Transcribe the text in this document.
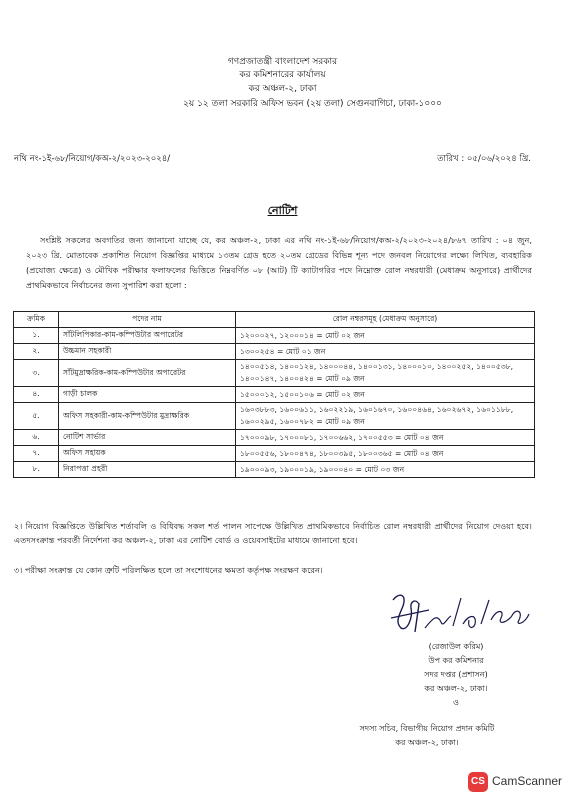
গণপ্রজাতন্ত্রী বাংলাদেশ সরকার
কর কমিশনারের কার্যালয়
কর অঞ্চল-২, ঢাকা
২য় ১২ তলা সরকারি অফিস ভবন (২য় তলা) সেগুনবাগিচা, ঢাকা-১০০০
নথি নং-১ই-৬৮/নিয়োগ/কঅ-২/২০২৩-২০২৪/	তারিখ : ০৫/০৬/২০২৪ খ্রি.
নোটিশ
সংশ্লিষ্ট সকলের অবগতির জন্য জানানো যাচ্ছে যে, কর অঞ্চল-২, ঢাকা এর নথি নং-১ই-৬৮/নিয়োগ/কঅ-২/২০২৩-২০২৪/৮৬৭ তারিখ : ০৪ জুন, ২০২৩ খ্রি. মোতাবেক প্রকাশিত নিয়োগ বিজ্ঞপ্তির মাধ্যমে ১৩তম গ্রেড হতে ২০তম গ্রেডের বিভিন্ন শূন্য পদে জনবল নিয়োগের লক্ষ্যে লিখিত, ব্যবহারিক (প্রযোজ্য ক্ষেত্রে) ও মৌখিক পরীক্ষার ফলাফলের ভিত্তিতে নিম্নবর্ণিত ০৮ (আট) টি ক্যাটাগরির পদে নিম্নোক্ত রোল নম্বরধারী (মেধাক্রম অনুসারে) প্রার্থীদের প্রাথমিকভাবে নির্বাচনের জন্য সুপারিশ করা হলো :
ক্রমিক	পদের নাম	রোল নম্বরসমূহ (মেধাক্রম অনুসারে)
১.	সাঁটলিপিকার-কাম-কম্পিউটার অপারেটর	১২০০০২৭, ১২০০০১৪ = মোট ০২ জন
২.	উচ্চমান সহকারী	১৩০০২৫৪ = মোট ০১ জন
৩.	সাঁটমুদ্রাক্ষরিক-কাম-কম্পিউটার অপারেটর	১৪০০৫১৪, ১৪০০১২৪, ১৪০০০৪৪, ১৪০০১৩১, ১৪০০০১০, ১৪০০২৫২, ১৪০০৫৩৮, ১৪০০১৪৭, ১৪০০৪২৪ = মোট ০৯ জন
৪.	গাড়ী চালক	১৫০০০১২, ১৫০০১০৬ = মোট ০২ জন
৫.	অফিস সহকারী-কাম-কম্পিউটার মুদ্রাক্ষরিক	১৬০৩৮৮৩, ১৬০০৬১১, ১৬০২২১৯, ১৬০১৬৭০, ১৬০০৪৬৪, ১৬০২৬৭২, ১৬০১১৮৮, ১৬০০২৯৫, ১৬০০৭৮২ = মোট ০৯ জন
৬.	নোটিশ সার্ভার	১৭০০০৯৮, ১৭০০০৮১, ১৭০০৬৬২, ১৭০০৫৫৩ = মোট ০৪ জন
৭.	অফিস সহায়ক	১৮০০৫৫৬, ১৮০০৪৭৪, ১৮০০৩৯৫, ১৮০০৩৬৫ = মোট ০৪ জন
৮.	নিরাপত্তা প্রহরী	১৯০০০৯৩, ১৯০০০১৯, ১৯০০০৪০ = মোট ০৩ জন
২। নিয়োগ বিজ্ঞপ্তিতে উল্লিখিত শর্তাবলি ও বিধিবদ্ধ সকল শর্ত পালন সাপেক্ষে উল্লিখিত প্রাথমিকভাবে নির্বাচিত রোল নম্বরধারী প্রার্থীদের নিয়োগ দেওয়া হবে। এতদসংক্রান্ত পরবর্তী নির্দেশনা কর অঞ্চল-২, ঢাকা এর নোটিশ বোর্ড ও ওয়েবসাইটের মাধ্যমে জানানো হবে।
৩। পরীক্ষা সংক্রান্ত যে কোন ত্রুটি পরিলক্ষিত হলে তা সংশোধনের ক্ষমতা কর্তৃপক্ষ সংরক্ষণ করেন।
(রেজাউল করিম)
উপ কর কমিশনার
সদর দপ্তর (প্রশাসন)
কর অঞ্চল-২, ঢাকা।
ও
সদস্য সচিব, বিভাগীয় নিয়োগ প্রদান কমিটি
কর অঞ্চল-২, ঢাকা।
CS CamScanner
